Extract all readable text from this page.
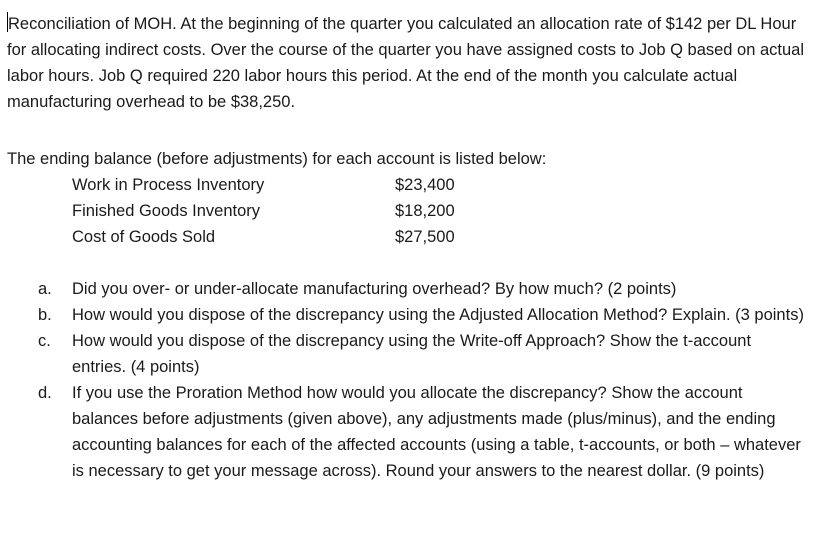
Reconciliation of MOH. At the beginning of the quarter you calculated an allocation rate of $142 per DL Hour for allocating indirect costs. Over the course of the quarter you have assigned costs to Job Q based on actual labor hours. Job Q required 220 labor hours this period. At the end of the month you calculate actual manufacturing overhead to be $38,250.

The ending balance (before adjustments) for each account is listed below:

Work in Process Inventory	$23,400
Finished Goods Inventory	$18,200
Cost of Goods Sold	$27,500
a.	Did you over- or under-allocate manufacturing overhead? By how much? (2 points)
b.	How would you dispose of the discrepancy using the Adjusted Allocation Method? Explain. (3 points)
c.	How would you dispose of the discrepancy using the Write-off Approach? Show the t-account entries. (4 points)
d.	If you use the Proration Method how would you allocate the discrepancy? Show the account balances before adjustments (given above), any adjustments made (plus/minus), and the ending accounting balances for each of the affected accounts (using a table, t-accounts, or both – whatever is necessary to get your message across). Round your answers to the nearest dollar. (9 points)
